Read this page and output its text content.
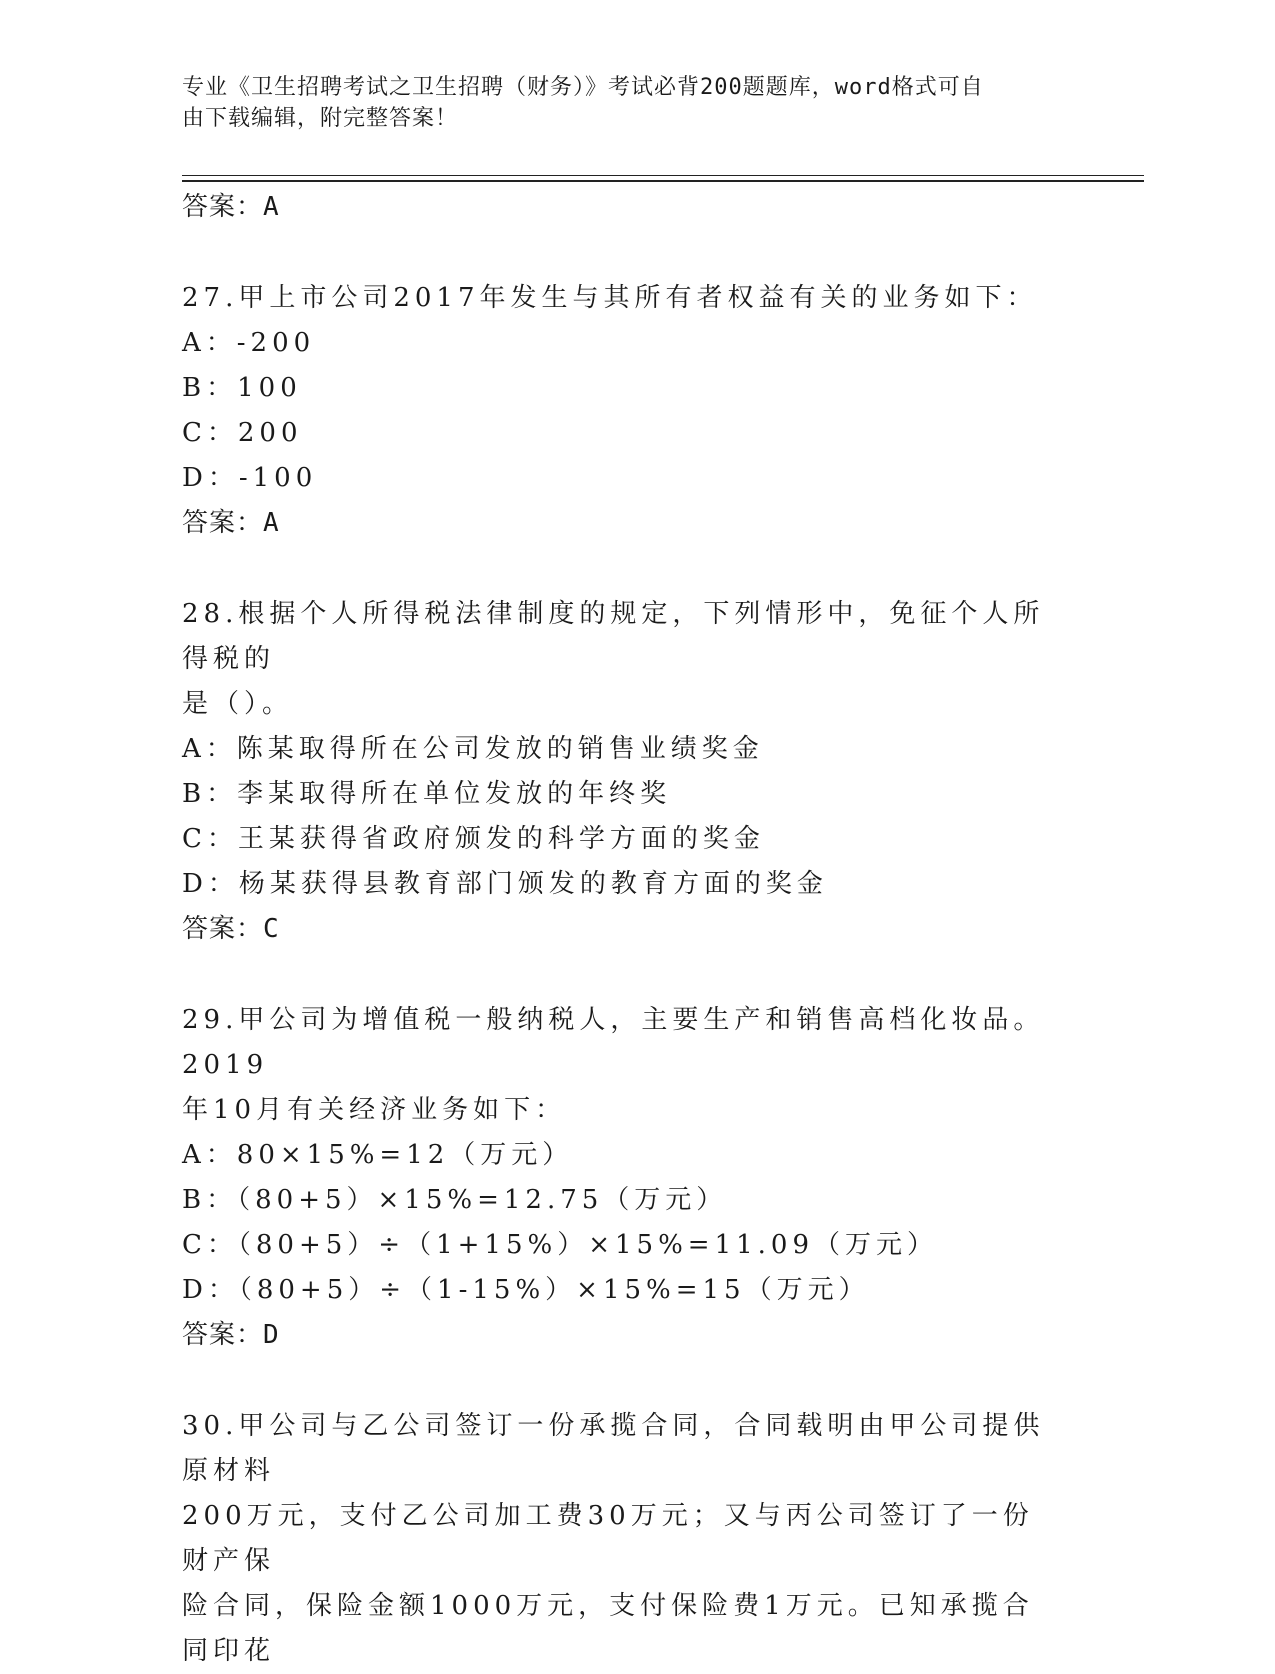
专业《卫生招聘考试之卫生招聘（财务）》考试必背200题题库，word格式可自
由下载编辑，附完整答案！
答案：A
27.甲上市公司2017年发生与其所有者权益有关的业务如下：
A：-200
B：100
C：200
D：-100
答案：A
28.根据个人所得税法律制度的规定，下列情形中，免征个人所得税的
是（）。
A：陈某取得所在公司发放的销售业绩奖金
B：李某取得所在单位发放的年终奖
C：王某获得省政府颁发的科学方面的奖金
D：杨某获得县教育部门颁发的教育方面的奖金
答案：C
29.甲公司为增值税一般纳税人，主要生产和销售高档化妆品。2019
年10月有关经济业务如下：
A：80×15%=12（万元）
B：（80+5）×15%=12.75（万元）
C：（80+5）÷（1+15%）×15%=11.09（万元）
D：（80+5）÷（1-15%）×15%=15（万元）
答案：D
30.甲公司与乙公司签订一份承揽合同，合同载明由甲公司提供原材料
200万元，支付乙公司加工费30万元；又与丙公司签订了一份财产保
险合同，保险金额1000万元，支付保险费1万元。已知承揽合同印花
